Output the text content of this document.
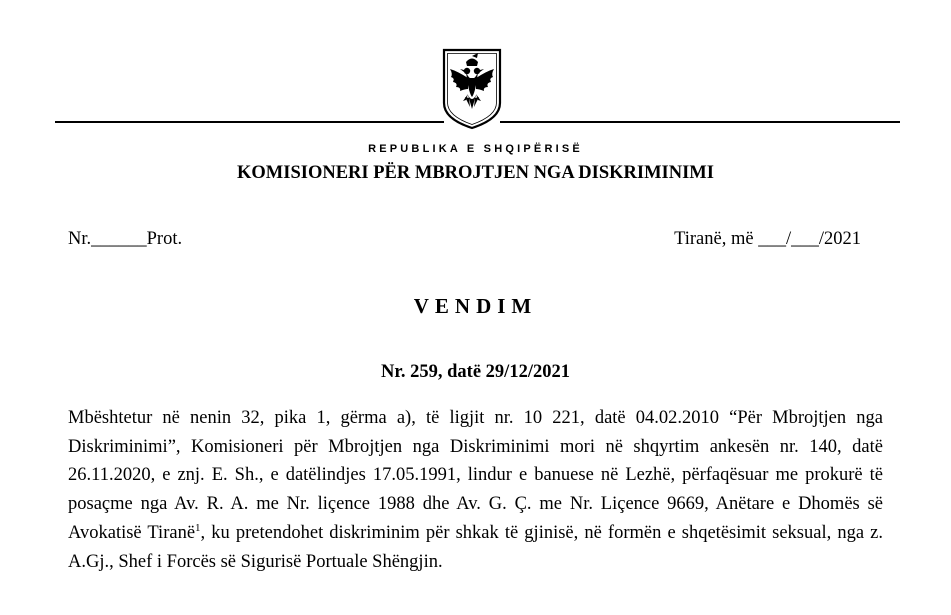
REPUBLIKA E SHQIPËRISË
KOMISIONERI PËR MBROJTJEN NGA DISKRIMINIMI
Nr.______Prot.	Tiranë, më ___/___/2021
VENDIM
Nr. 259, datë 29/12/2021

Mbështetur në nenin 32, pika 1, gërma a), të ligjit nr. 10 221, datë 04.02.2010 “Për Mbrojtjen nga Diskriminimi”, Komisioneri për Mbrojtjen nga Diskriminimi mori në shqyrtim ankesën nr. 140, datë 26.11.2020, e znj. E. Sh., e datëlindjes 17.05.1991, lindur e banuese në Lezhë, përfaqësuar me prokurë të posaçme nga Av. R. A. me Nr. liçence 1988 dhe Av. G. Ç. me Nr. Liçence 9669, Anëtare e Dhomës së Avokatisë Tiranë$^1$, ku pretendohet diskriminim për shkak të gjinisë, në formën e shqetësimit seksual, nga z. A.Gj., Shef i Forcës së Sigurisë Portuale Shëngjin.
